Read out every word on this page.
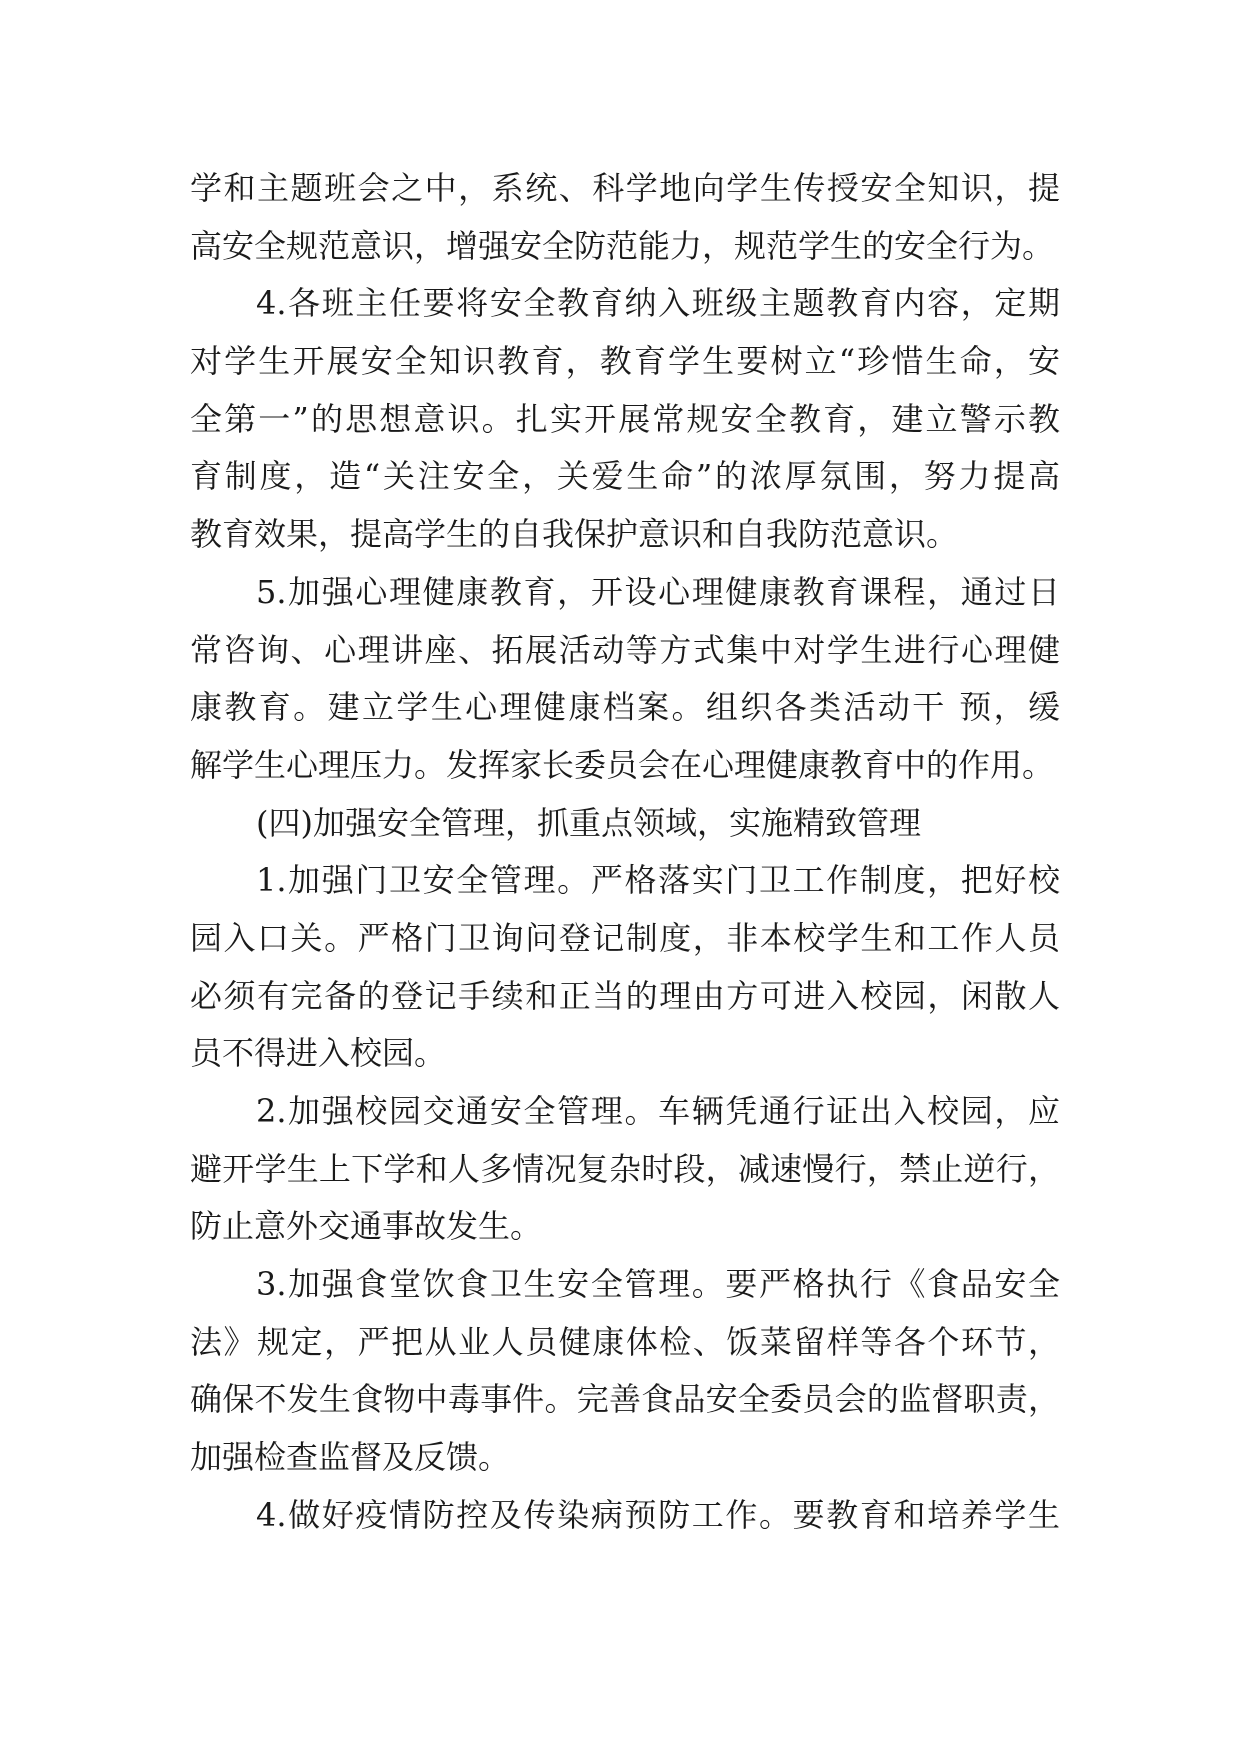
学和主题班会之中，系统、科学地向学生传授安全知识，提
高安全规范意识，增强安全防范能力，规范学生的安全行为。
4.各班主任要将安全教育纳入班级主题教育内容，定期
对学生开展安全知识教育，教育学生要树立“珍惜生命，安
全第一”的思想意识。扎实开展常规安全教育，建立警示教
育制度，造“关注安全，关爱生命”的浓厚氛围，努力提高
教育效果，提高学生的自我保护意识和自我防范意识。
5.加强心理健康教育，开设心理健康教育课程，通过日
常咨询、心理讲座、拓展活动等方式集中对学生进行心理健
康教育。建立学生心理健康档案。组织各类活动干 预，缓
解学生心理压力。发挥家长委员会在心理健康教育中的作用。
(四)加强安全管理，抓重点领域，实施精致管理
1.加强门卫安全管理。严格落实门卫工作制度，把好校
园入口关。严格门卫询问登记制度，非本校学生和工作人员
必须有完备的登记手续和正当的理由方可进入校园，闲散人
员不得进入校园。
2.加强校园交通安全管理。车辆凭通行证出入校园，应
避开学生上下学和人多情况复杂时段，减速慢行，禁止逆行，
防止意外交通事故发生。
3.加强食堂饮食卫生安全管理。要严格执行《食品安全
法》规定，严把从业人员健康体检、饭菜留样等各个环节，
确保不发生食物中毒事件。完善食品安全委员会的监督职责，
加强检查监督及反馈。
4.做好疫情防控及传染病预防工作。要教育和培养学生
